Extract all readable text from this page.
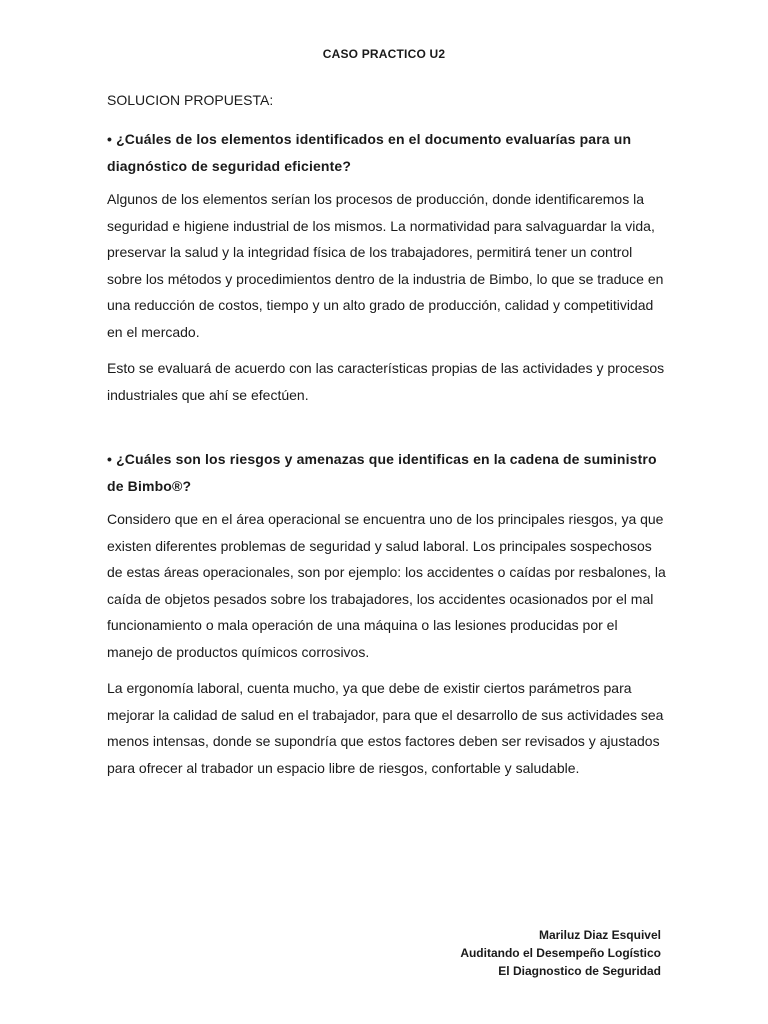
CASO PRACTICO U2

SOLUCION PROPUESTA:

• ¿Cuáles de los elementos identificados en el documento evaluarías para un diagnóstico de seguridad eficiente?

Algunos de los elementos serían los procesos de producción, donde identificaremos la seguridad e higiene industrial de los mismos. La normatividad para salvaguardar la vida, preservar la salud y la integridad física de los trabajadores, permitirá tener un control sobre los métodos y procedimientos dentro de la industria de Bimbo, lo que se traduce en una reducción de costos, tiempo y un alto grado de producción, calidad y competitividad en el mercado.

Esto se evaluará de acuerdo con las características propias de las actividades y procesos industriales que ahí se efectúen.

• ¿Cuáles son los riesgos y amenazas que identificas en la cadena de suministro de Bimbo®?

Considero que en el área operacional se encuentra uno de los principales riesgos, ya que existen diferentes problemas de seguridad y salud laboral. Los principales sospechosos de estas áreas operacionales, son por ejemplo: los accidentes o caídas por resbalones, la caída de objetos pesados sobre los trabajadores, los accidentes ocasionados por el mal funcionamiento o mala operación de una máquina o las lesiones producidas por el manejo de productos químicos corrosivos.

La ergonomía laboral, cuenta mucho, ya que debe de existir ciertos parámetros para mejorar la calidad de salud en el trabajador, para que el desarrollo de sus actividades sea menos intensas, donde se supondría que estos factores deben ser revisados y ajustados para ofrecer al trabador un espacio libre de riesgos, confortable y saludable.

Mariluz Diaz Esquivel
Auditando el Desempeño Logístico
El Diagnostico de Seguridad
